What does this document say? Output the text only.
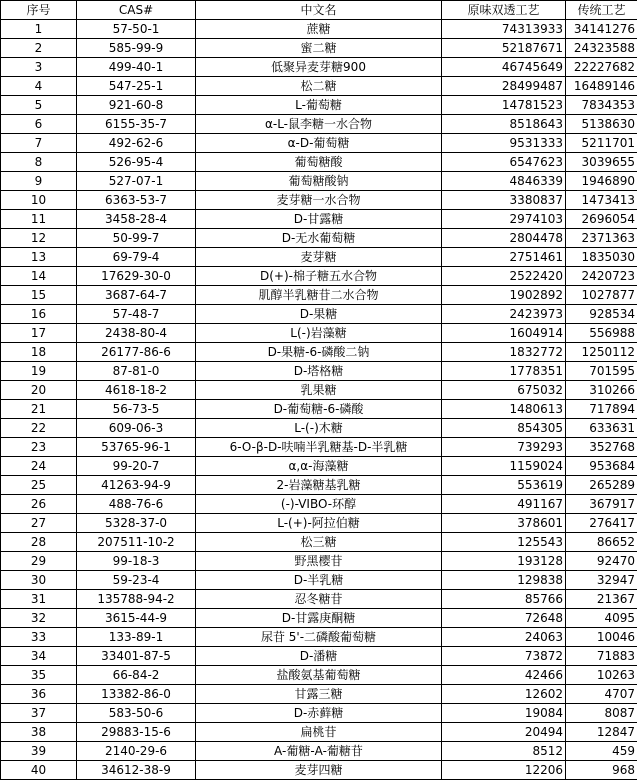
序号	CAS#	中文名	原味双透工艺	传统工艺
1	57-50-1	蔗糖	74313933	34141276
2	585-99-9	蜜二糖	52187671	24323588
3	499-40-1	低聚异麦芽糖900	46745649	22227682
4	547-25-1	松二糖	28499487	16489146
5	921-60-8	L-葡萄糖	14781523	7834353
6	6155-35-7	α-L-鼠李糖一水合物	8518643	5138630
7	492-62-6	α-D-葡萄糖	9531333	5211701
8	526-95-4	葡萄糖酸	6547623	3039655
9	527-07-1	葡萄糖酸钠	4846339	1946890
10	6363-53-7	麦芽糖一水合物	3380837	1473413
11	3458-28-4	D-甘露糖	2974103	2696054
12	50-99-7	D-无水葡萄糖	2804478	2371363
13	69-79-4	麦芽糖	2751461	1835030
14	17629-30-0	D(+)-棉子糖五水合物	2522420	2420723
15	3687-64-7	肌醇半乳糖苷二水合物	1902892	1027877
16	57-48-7	D-果糖	2423973	928534
17	2438-80-4	L(-)岩藻糖	1604914	556988
18	26177-86-6	D-果糖-6-磷酸二钠	1832772	1250112
19	87-81-0	D-塔格糖	1778351	701595
20	4618-18-2	乳果糖	675032	310266
21	56-73-5	D-葡萄糖-6-磷酸	1480613	717894
22	609-06-3	L-(-)木糖	854305	633631
23	53765-96-1	6-O-β-D-呋喃半乳糖基-D-半乳糖	739293	352768
24	99-20-7	α,α-海藻糖	1159024	953684
25	41263-94-9	2-岩藻糖基乳糖	553619	265289
26	488-76-6	(-)-VIBO-环醇	491167	367917
27	5328-37-0	L-(+)-阿拉伯糖	378601	276417
28	207511-10-2	松三糖	125543	86652
29	99-18-3	野黑樱苷	193128	92470
30	59-23-4	D-半乳糖	129838	32947
31	135788-94-2	忍冬糖苷	85766	21367
32	3615-44-9	D-甘露庚酮糖	72648	4095
33	133-89-1	尿苷 5'-二磷酸葡萄糖	24063	10046
34	33401-87-5	D-潘糖	73872	71883
35	66-84-2	盐酸氨基葡萄糖	42466	10263
36	13382-86-0	甘露三糖	12602	4707
37	583-50-6	D-赤藓糖	19084	8087
38	29883-15-6	扁桃苷	20494	12847
39	2140-29-6	A-葡糖-A-葡糖苷	8512	459
40	34612-38-9	麦芽四糖	12206	968
